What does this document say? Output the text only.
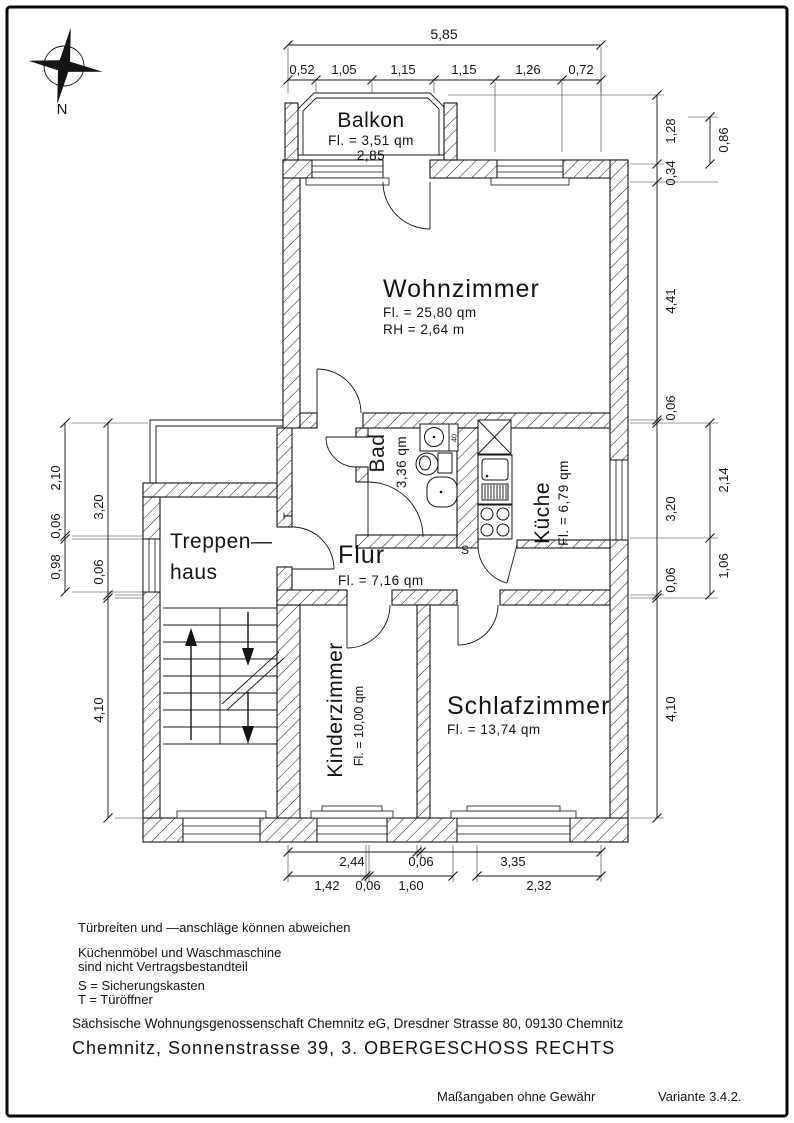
N
40
Balkon
Fl. = 3,51 qm
2,85
Wohnzimmer
Fl. = 25,80 qm
RH = 2,64 m
Bad 3,36 qm
Küche Fl. = 6,79 qm
Treppen—
haus
Flur
Fl. = 7,16 qm
Kinderzimmer Fl. = 10,00 qm	Schlafzimmer
Fl. = 13,74 qm
S
T
5,85
0,52 1,05	1,15	1,15	1,26 0,72
2,44	0,06	3,35
1,42 0,06 1,60	2,32
2,10
0,06
0,98
3,20
0,06
4,10
1,28
0,34
4,41
0,06
3,20
0,06
4,10
0,86
2,14
1,06
Türbreiten und —anschläge können abweichen
Küchenmöbel und Waschmaschine
sind nicht Vertragsbestandteil
S = Sicherungskasten
T = Türöffner
Sächsische Wohnungsgenossenschaft Chemnitz eG, Dresdner Strasse 80, 09130 Chemnitz
Chemnitz, Sonnenstrasse 39, 3. OBERGESCHOSS RECHTS
Maßangaben ohne Gewähr	Variante 3.4.2.
